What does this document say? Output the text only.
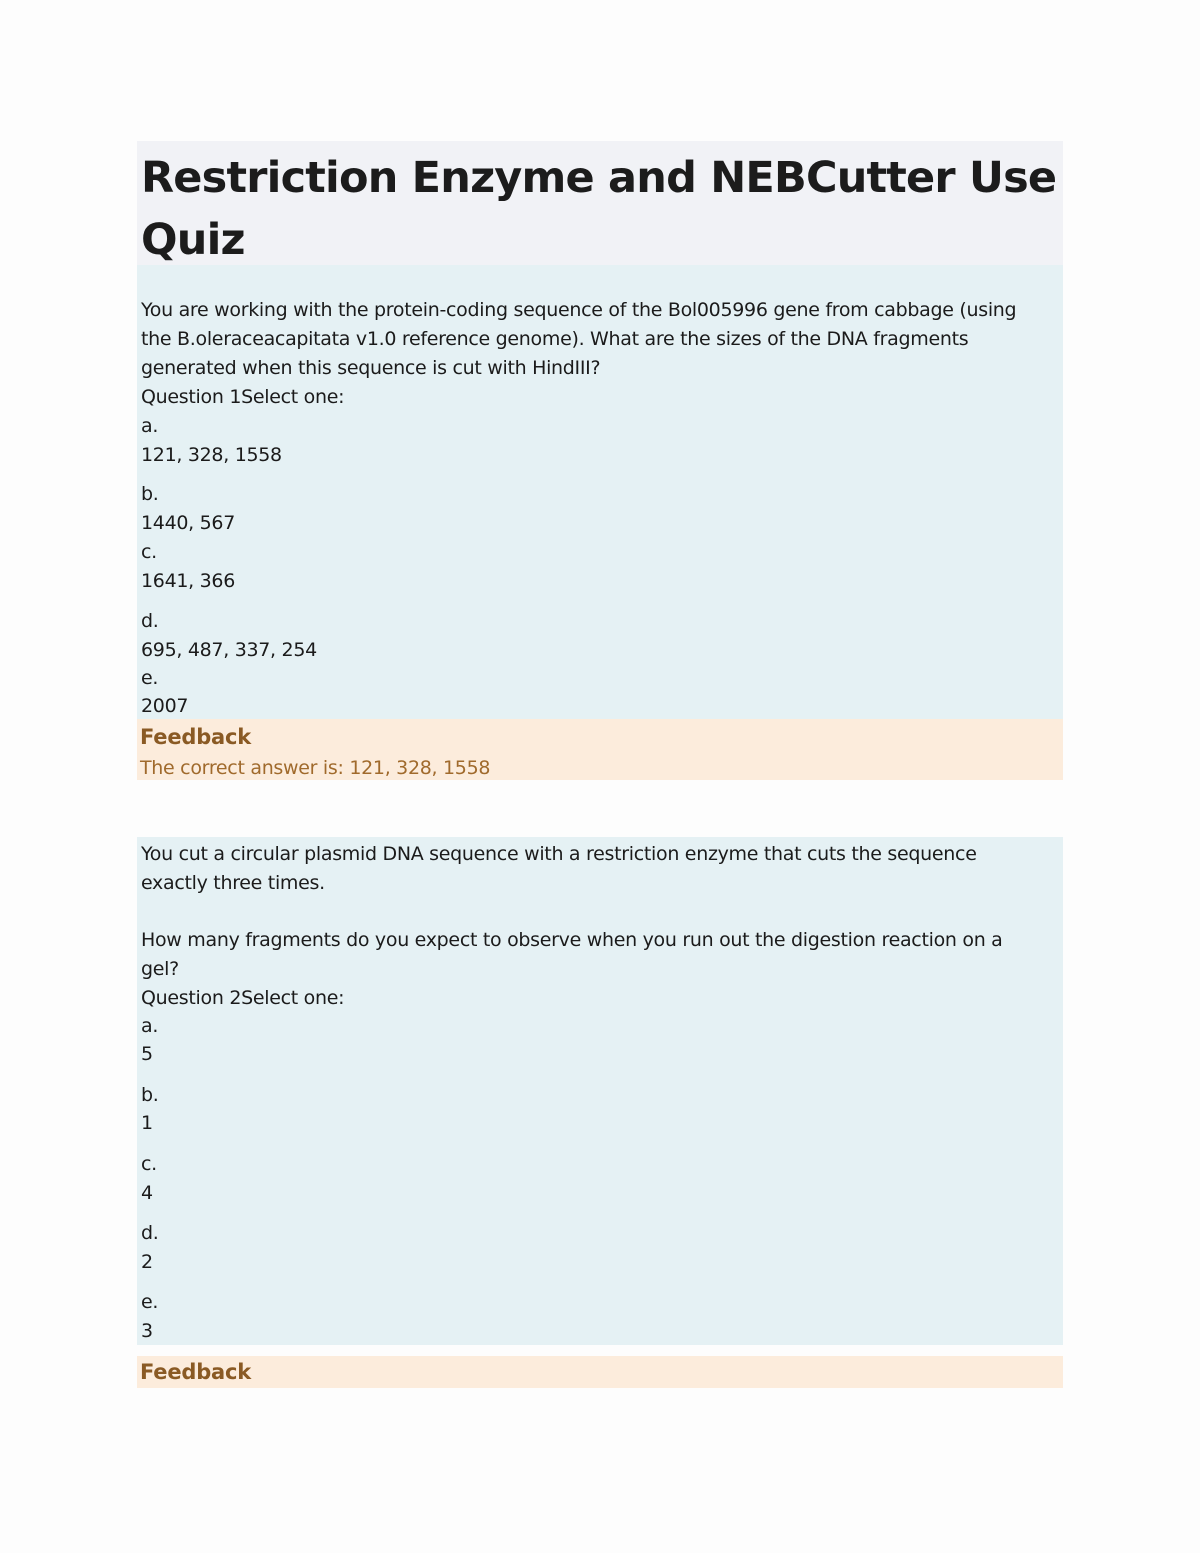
Restriction Enzyme and NEBCutter Use
Quiz
You are working with the protein-coding sequence of the Bol005996 gene from cabbage (using
the B.oleraceacapitata v1.0 reference genome). What are the sizes of the DNA fragments
generated when this sequence is cut with HindIII?
Question 1Select one:
a.
121, 328, 1558
b.
1440, 567
c.
1641, 366
d.
695, 487, 337, 254
e.
2007
Feedback
The correct answer is: 121, 328, 1558
You cut a circular plasmid DNA sequence with a restriction enzyme that cuts the sequence
exactly three times.
How many fragments do you expect to observe when you run out the digestion reaction on a
gel?
Question 2Select one:
a.
5
b.
1
c.
4
d.
2
e.
3
Feedback
